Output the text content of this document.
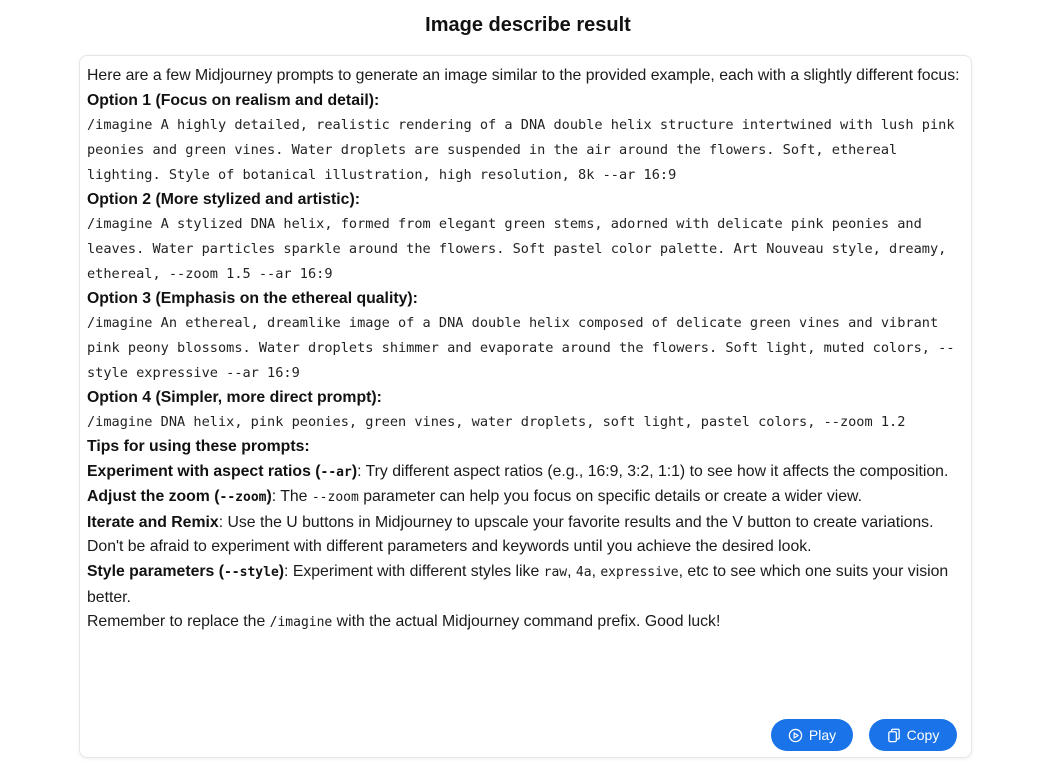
Image describe result

Here are a few Midjourney prompts to generate an image similar to the provided example, each with a slightly different focus:

Option 1 (Focus on realism and detail):

/imagine A highly detailed, realistic rendering of a DNA double helix structure intertwined with lush pink peonies and green vines. Water droplets are suspended in the air around the flowers. Soft, ethereal lighting. Style of botanical illustration, high resolution, 8k --ar 16:9

Option 2 (More stylized and artistic):

/imagine A stylized DNA helix, formed from elegant green stems, adorned with delicate pink peonies and leaves. Water particles sparkle around the flowers. Soft pastel color palette. Art Nouveau style, dreamy, ethereal, --zoom 1.5 --ar 16:9

Option 3 (Emphasis on the ethereal quality):

/imagine An ethereal, dreamlike image of a DNA double helix composed of delicate green vines and vibrant pink peony blossoms. Water droplets shimmer and evaporate around the flowers. Soft light, muted colors, --style expressive --ar 16:9

Option 4 (Simpler, more direct prompt):

/imagine DNA helix, pink peonies, green vines, water droplets, soft light, pastel colors, --zoom 1.2

Tips for using these prompts:

Experiment with aspect ratios (--ar): Try different aspect ratios (e.g., 16:9, 3:2, 1:1) to see how it affects the composition.

Adjust the zoom (--zoom): The --zoom parameter can help you focus on specific details or create a wider view.

Iterate and Remix: Use the U buttons in Midjourney to upscale your favorite results and the V button to create variations. Don't be afraid to experiment with different parameters and keywords until you achieve the desired look.

Style parameters (--style): Experiment with different styles like raw, 4a, expressive, etc to see which one suits your vision better.

Remember to replace the /imagine with the actual Midjourney command prefix. Good luck!

Play	Copy
